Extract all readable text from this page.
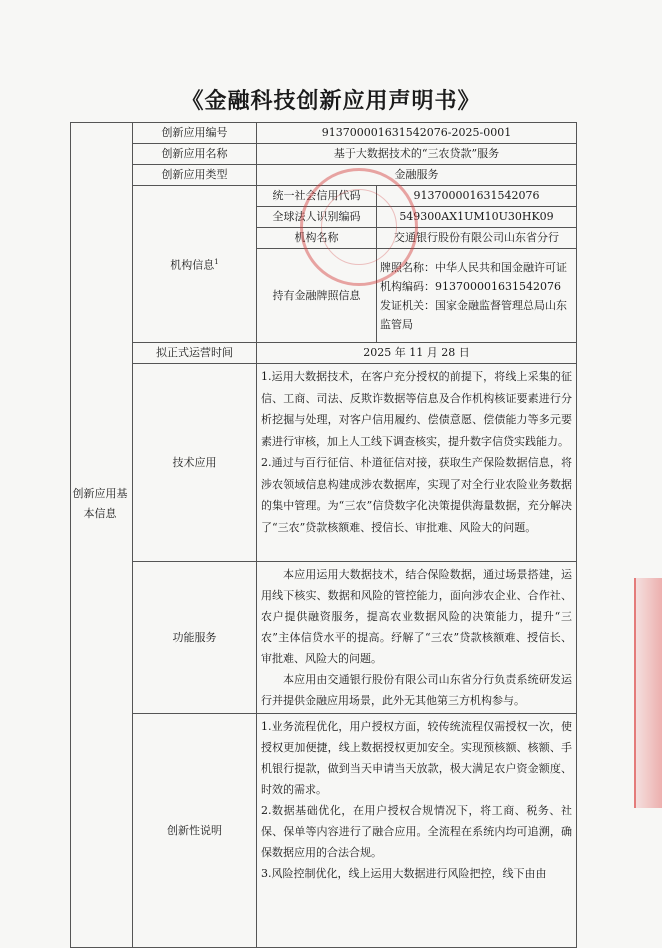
《金融科技创新应用声明书》
	创新应用编号	913700001631542076-2025-0001	
	创新应用名称	基于大数据技术的“三农贷款”服务	
	创新应用类型	金融服务	
	机构信息$^1$	统一社会信用代码	913700001631542076
		全球法人识别编码	549300AX1UM10U30HK09
		机构名称	交通银行股份有限公司山东省分行
		持有金融牌照信息	牌照名称：中华人民共和国金融许可证
机构编码：913700001631542076
发证机关：国家金融监督管理总局山东监管局

	拟正式运营时间	2025 年 11 月 28 日	
	技术应用	1.运用大数据技术，在客户充分授权的前提下，将线上采集的征信、工商、司法、反欺诈数据等信息及合作机构核证要素进行分析挖掘与处理，对客户信用履约、偿债意愿、偿债能力等多元要素进行审核，加上人工线下调查核实，提升数字信贷实践能力。

2.通过与百行征信、朴道征信对接，获取生产保险数据信息，将涉农领域信息构建成涉农数据库，实现了对全行业农险业务数据的集中管理。为“三农”信贷数字化决策提供海量数据，充分解决了“三农”贷款核额难、授信长、审批难、风险大的问题。	

	功能服务	本应用运用大数据技术，结合保险数据，通过场景搭建，运用线下核实、数据和风险的管控能力，面向涉农企业、合作社、农户提供融资服务，提高农业数据风险的决策能力，提升“三农”主体信贷水平的提高。纾解了“三农”贷款核额难、授信长、审批难、风险大的问题。

本应用由交通银行股份有限公司山东省分行负责系统研发运行并提供金融应用场景，此外无其他第三方机构参与。	

	创新性说明	1.业务流程优化，用户授权方面，较传统流程仅需授权一次，使授权更加便捷，线上数据授权更加安全。实现预核额、核额、手机银行提款，做到当天申请当天放款，极大满足农户资金额度、时效的需求。

2.数据基础优化，在用户授权合规情况下，将工商、税务、社保、保单等内容进行了融合应用。全流程在系统内均可追溯，确保数据应用的合法合规。

3.风险控制优化，线上运用大数据进行风险把控，线下由由	

创新应用基本信息
